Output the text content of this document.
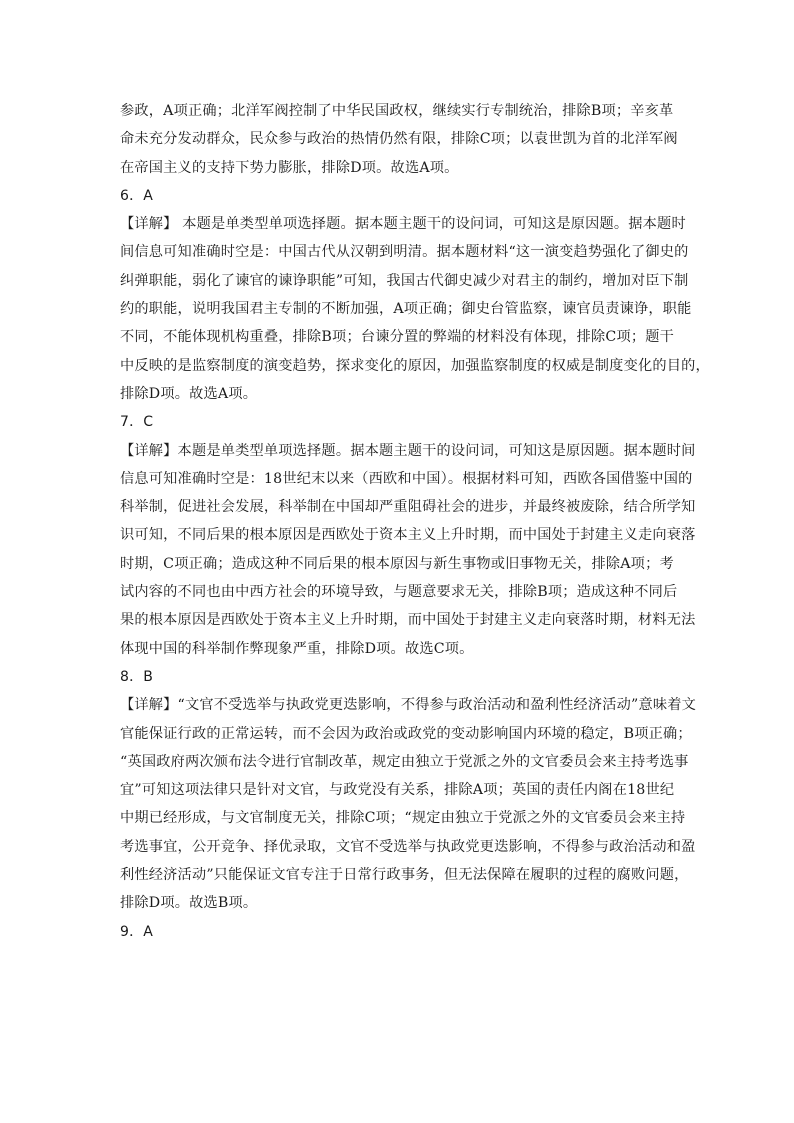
参政，A项正确；北洋军阀控制了中华民国政权，继续实行专制统治，排除B项；辛亥革
命未充分发动群众，民众参与政治的热情仍然有限，排除C项；以袁世凯为首的北洋军阀
在帝国主义的支持下势力膨胀，排除D项。故选A项。
6．A
【详解】 本题是单类型单项选择题。据本题主题干的设问词，可知这是原因题。据本题时
间信息可知准确时空是：中国古代从汉朝到明清。据本题材料“这一演变趋势强化了御史的
纠弹职能，弱化了谏官的谏诤职能”可知，我国古代御史减少对君主的制约，增加对臣下制
约的职能，说明我国君主专制的不断加强，A项正确；御史台管监察，谏官员责谏诤，职能
不同，不能体现机构重叠，排除B项；台谏分置的弊端的材料没有体现，排除C项；题干
中反映的是监察制度的演变趋势，探求变化的原因，加强监察制度的权威是制度变化的目的，
排除D项。故选A项。
7．C
【详解】本题是单类型单项选择题。据本题主题干的设问词，可知这是原因题。据本题时间
信息可知准确时空是：18世纪末以来（西欧和中国）。根据材料可知，西欧各国借鉴中国的
科举制，促进社会发展，科举制在中国却严重阻碍社会的进步，并最终被废除，结合所学知
识可知，不同后果的根本原因是西欧处于资本主义上升时期，而中国处于封建主义走向衰落
时期，C项正确；造成这种不同后果的根本原因与新生事物或旧事物无关，排除A项；考
试内容的不同也由中西方社会的环境导致，与题意要求无关，排除B项；造成这种不同后
果的根本原因是西欧处于资本主义上升时期，而中国处于封建主义走向衰落时期，材料无法
体现中国的科举制作弊现象严重，排除D项。故选C项。
8．B
【详解】“文官不受选举与执政党更迭影响，不得参与政治活动和盈利性经济活动”意味着文
官能保证行政的正常运转，而不会因为政治或政党的变动影响国内环境的稳定，B项正确；
“英国政府两次颁布法令进行官制改革，规定由独立于党派之外的文官委员会来主持考选事
宜”可知这项法律只是针对文官，与政党没有关系，排除A项；英国的责任内阁在18世纪
中期已经形成，与文官制度无关，排除C项；“规定由独立于党派之外的文官委员会来主持
考选事宜，公开竞争、择优录取，文官不受选举与执政党更迭影响，不得参与政治活动和盈
利性经济活动”只能保证文官专注于日常行政事务，但无法保障在履职的过程的腐败问题，
排除D项。故选B项。
9．A
